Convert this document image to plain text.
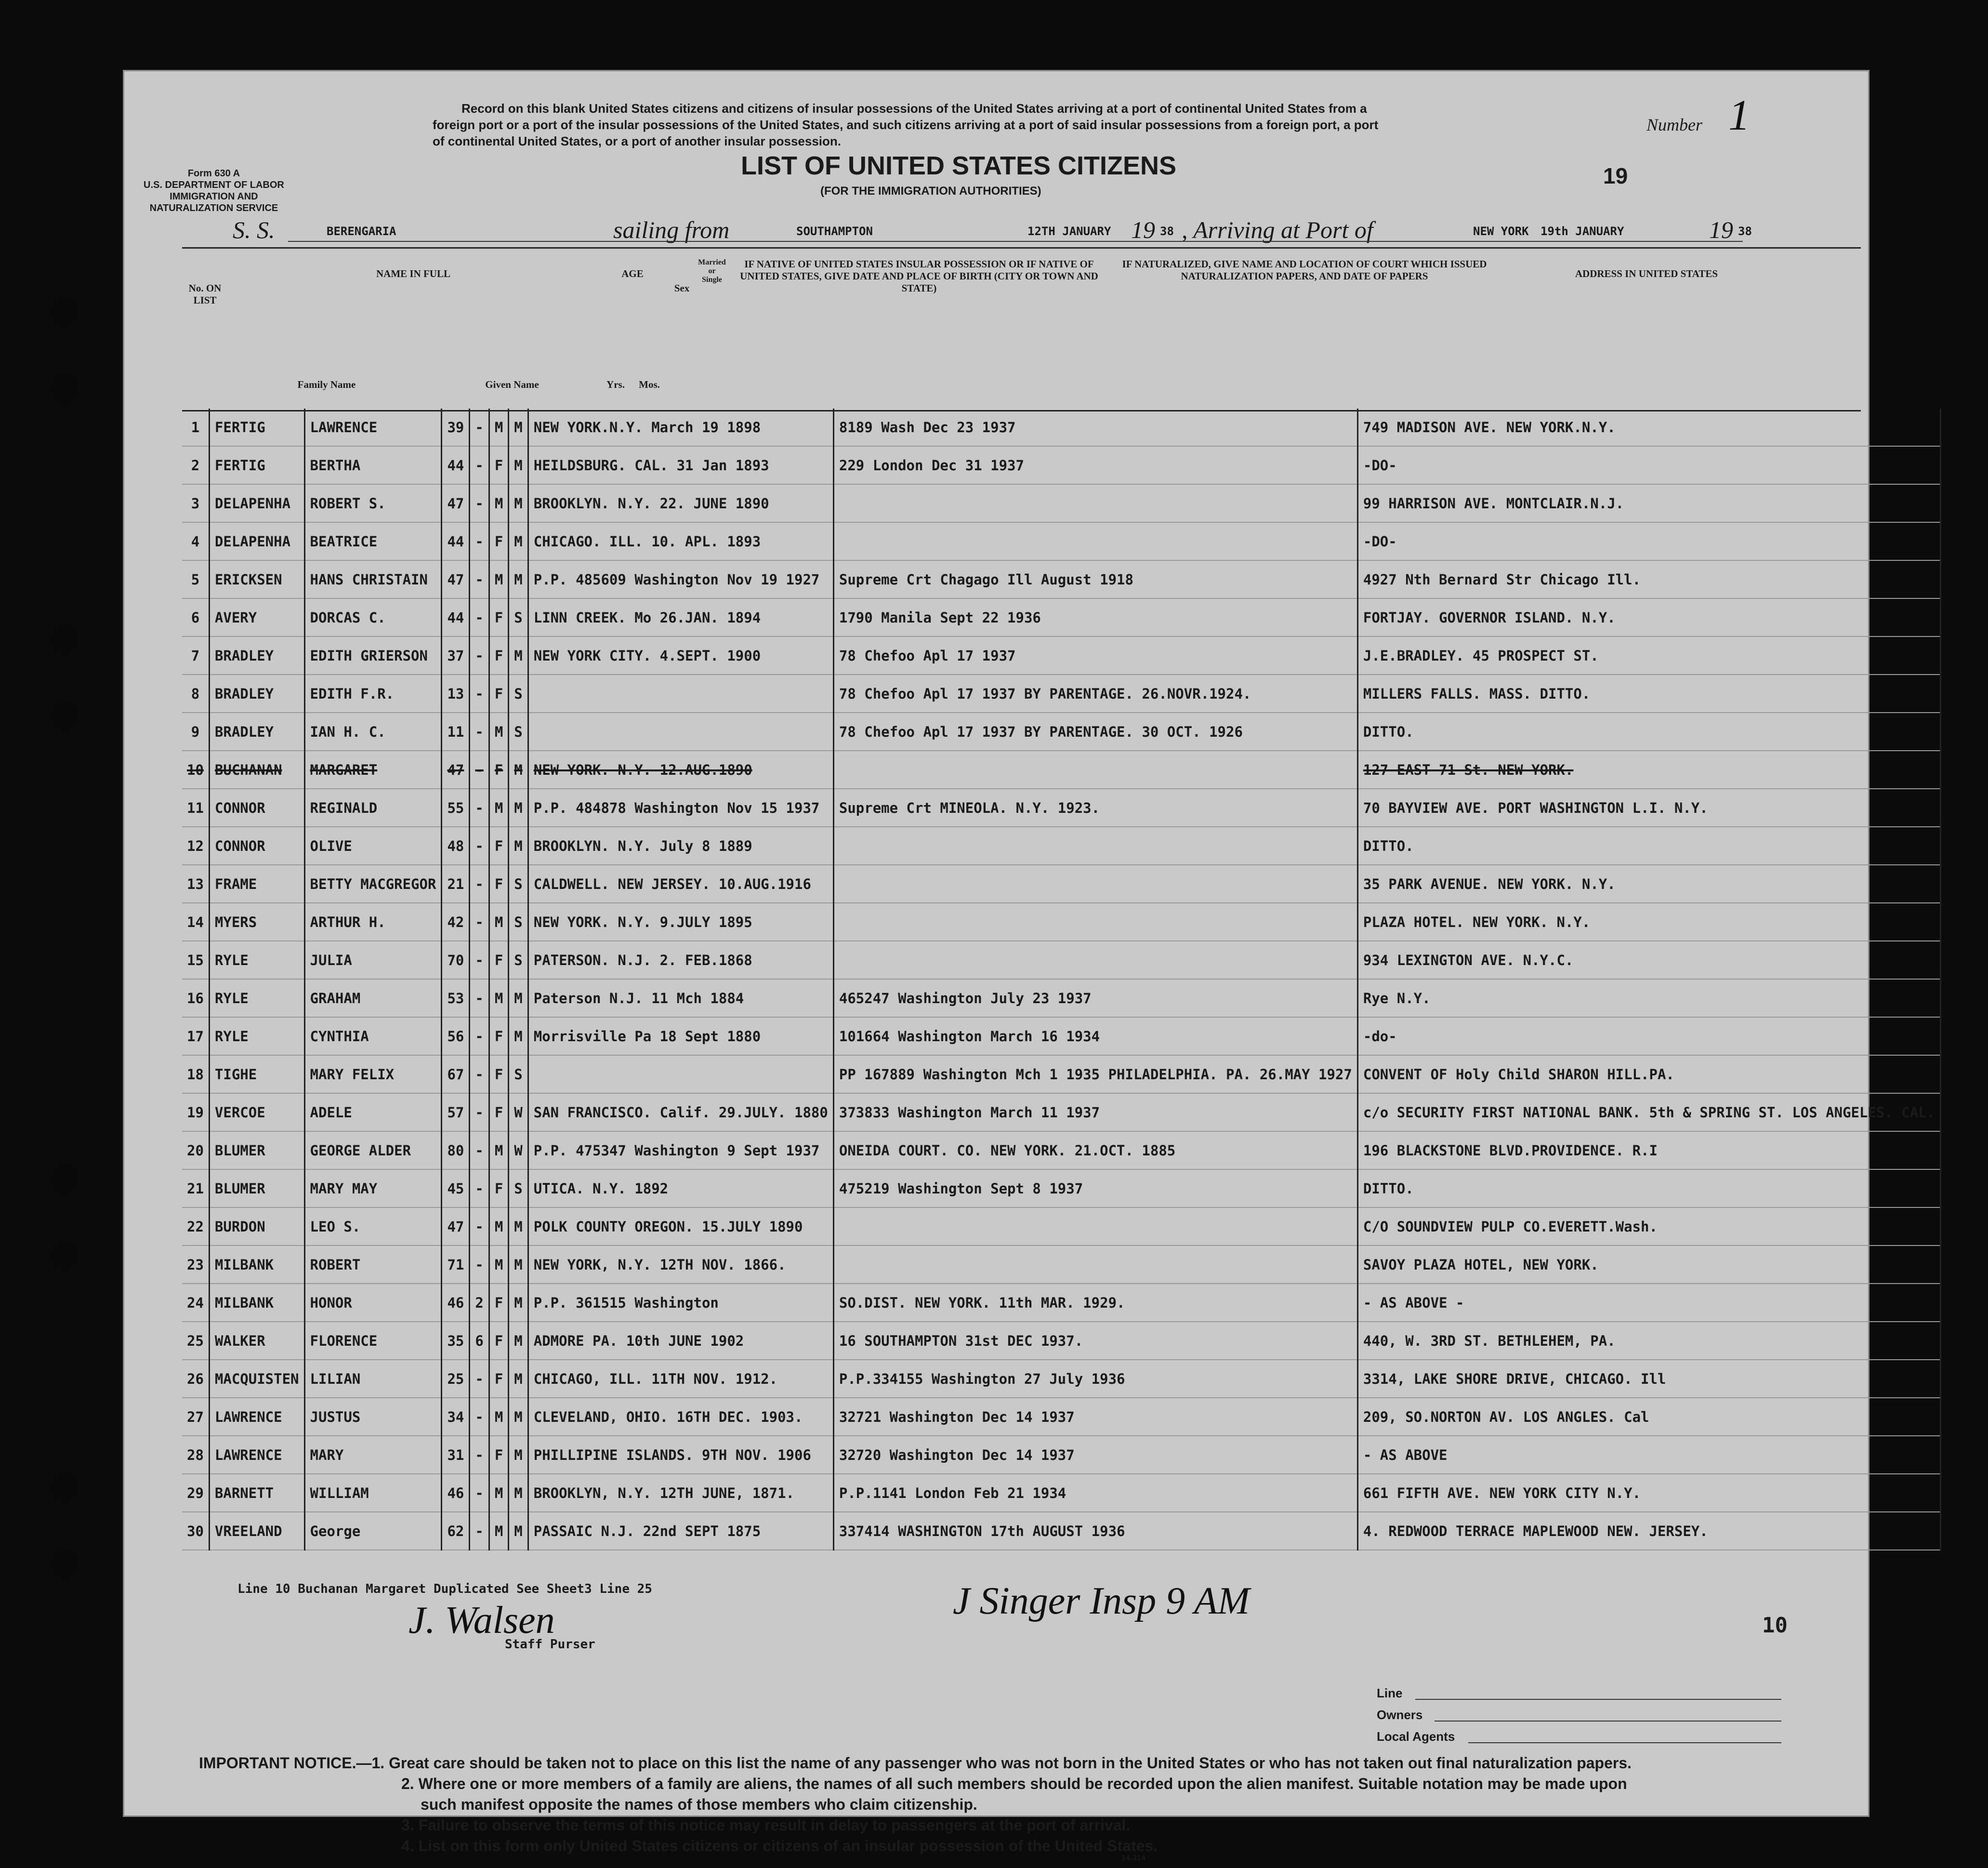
Form 630 A
U.S. DEPARTMENT OF LABOR
IMMIGRATION AND
NATURALIZATION SERVICE
Record on this blank United States citizens and citizens of insular possessions of the United States arriving at a port of continental United States from a
foreign port or a port of the insular possessions of the United States, and such citizens arriving at a port of said insular possessions from a foreign port, a port
of continental United States, or a port of another insular possession.
Number 1
LIST OF UNITED STATES CITIZENS
(FOR THE IMMIGRATION AUTHORITIES)
19
S. S.	BERENGARIA	sailing from	SOUTHAMPTON	12TH JANUARY 19 38 , Arriving at Port of	NEW YORK 19th JANUARY	19 38
No. ON LIST
NAME IN FULL
Family Name	Given Name
AGE
Yrs.	Mos.
Sex
Married or Single
IF NATIVE OF UNITED STATES INSULAR POSSESSION OR IF NATIVE OF UNITED STATES, GIVE DATE AND PLACE OF BIRTH (CITY OR TOWN AND STATE)
IF NATURALIZED, GIVE NAME AND LOCATION OF COURT WHICH ISSUED NATURALIZATION PAPERS, AND DATE OF PAPERS	ADDRESS IN UNITED STATES
1	FERTIG	LAWRENCE	39	-	M	M	NEW YORK.N.Y. March 19 1898	8189 Wash Dec 23 1937	749 MADISON AVE. NEW YORK.N.Y.
2	FERTIG	BERTHA	44	-	F	M	HEILDSBURG. CAL. 31 Jan 1893	229 London Dec 31 1937	-DO-
3	DELAPENHA	ROBERT S.	47	-	M	M	BROOKLYN. N.Y. 22. JUNE 1890		99 HARRISON AVE. MONTCLAIR.N.J.
4	DELAPENHA	BEATRICE	44	-	F	M	CHICAGO. ILL. 10. APL. 1893		-DO-
5	ERICKSEN	HANS CHRISTAIN	47	-	M	M	P.P. 485609 Washington Nov 19 1927	Supreme Crt Chagago Ill August 1918	4927 Nth Bernard Str Chicago Ill.
6	AVERY	DORCAS C.	44	-	F	S	LINN CREEK. Mo 26.JAN. 1894	1790 Manila Sept 22 1936	FORTJAY. GOVERNOR ISLAND. N.Y.
7	BRADLEY	EDITH GRIERSON	37	-	F	M	NEW YORK CITY. 4.SEPT. 1900	78 Chefoo Apl 17 1937	J.E.BRADLEY. 45 PROSPECT ST.
8	BRADLEY	EDITH F.R.	13	-	F	S		78 Chefoo Apl 17 1937 BY PARENTAGE. 26.NOVR.1924.	MILLERS FALLS. MASS. DITTO.
9	BRADLEY	IAN H. C.	11	-	M	S		78 Chefoo Apl 17 1937 BY PARENTAGE. 30 OCT. 1926	DITTO.
10	BUCHANAN	MARGARET	47	-	F	M	NEW YORK. N.Y. 12.AUG.1890		127 EAST 71 St. NEW YORK.
11	CONNOR	REGINALD	55	-	M	M	P.P. 484878 Washington Nov 15 1937	Supreme Crt MINEOLA. N.Y. 1923.	70 BAYVIEW AVE. PORT WASHINGTON L.I. N.Y.
12	CONNOR	OLIVE	48	-	F	M	BROOKLYN. N.Y. July 8 1889		DITTO.
13	FRAME	BETTY MACGREGOR	21	-	F	S	CALDWELL. NEW JERSEY. 10.AUG.1916		35 PARK AVENUE. NEW YORK. N.Y.
14	MYERS	ARTHUR H.	42	-	M	S	NEW YORK. N.Y. 9.JULY 1895		PLAZA HOTEL. NEW YORK. N.Y.
15	RYLE	JULIA	70	-	F	S	PATERSON. N.J. 2. FEB.1868		934 LEXINGTON AVE. N.Y.C.
16	RYLE	GRAHAM	53	-	M	M	Paterson N.J. 11 Mch 1884	465247 Washington July 23 1937	Rye N.Y.
17	RYLE	CYNTHIA	56	-	F	M	Morrisville Pa 18 Sept 1880	101664 Washington March 16 1934	-do-
18	TIGHE	MARY FELIX	67	-	F	S		PP 167889 Washington Mch 1 1935 PHILADELPHIA. PA. 26.MAY 1927	CONVENT OF Holy Child SHARON HILL.PA.
19	VERCOE	ADELE	57	-	F	W	SAN FRANCISCO. Calif. 29.JULY. 1880	373833 Washington March 11 1937	c/o SECURITY FIRST NATIONAL BANK. 5th & SPRING ST. LOS ANGELES. CAL.
20	BLUMER	GEORGE ALDER	80	-	M	W	P.P. 475347 Washington 9 Sept 1937	ONEIDA COURT. CO. NEW YORK. 21.OCT. 1885	196 BLACKSTONE BLVD.PROVIDENCE. R.I
21	BLUMER	MARY MAY	45	-	F	S	UTICA. N.Y. 1892	475219 Washington Sept 8 1937	DITTO.
22	BURDON	LEO S.	47	-	M	M	POLK COUNTY OREGON. 15.JULY 1890		C/O SOUNDVIEW PULP CO.EVERETT.Wash.
23	MILBANK	ROBERT	71	-	M	M	NEW YORK, N.Y. 12TH NOV. 1866.		SAVOY PLAZA HOTEL, NEW YORK.
24	MILBANK	HONOR	46	2	F	M	P.P. 361515 Washington	SO.DIST. NEW YORK. 11th MAR. 1929.	- AS ABOVE -
25	WALKER	FLORENCE	35	6	F	M	ADMORE PA. 10th JUNE 1902	16 SOUTHAMPTON 31st DEC 1937.	440, W. 3RD ST. BETHLEHEM, PA.
26	MACQUISTEN	LILIAN	25	-	F	M	CHICAGO, ILL. 11TH NOV. 1912.	P.P.334155 Washington 27 July 1936	3314, LAKE SHORE DRIVE, CHICAGO. Ill
27	LAWRENCE	JUSTUS	34	-	M	M	CLEVELAND, OHIO. 16TH DEC. 1903.	32721 Washington Dec 14 1937	209, SO.NORTON AV. LOS ANGLES. Cal
28	LAWRENCE	MARY	31	-	F	M	PHILLIPINE ISLANDS. 9TH NOV. 1906	32720 Washington Dec 14 1937	- AS ABOVE
29	BARNETT	WILLIAM	46	-	M	M	BROOKLYN, N.Y. 12TH JUNE, 1871.	P.P.1141 London Feb 21 1934	661 FIFTH AVE. NEW YORK CITY N.Y.
30	VREELAND	George	62	-	M	M	PASSAIC N.J. 22nd SEPT 1875	337414 WASHINGTON 17th AUGUST 1936	4. REDWOOD TERRACE MAPLEWOOD NEW. JERSEY.
Line 10 Buchanan Margaret Duplicated See Sheet3 Line 25
J. Walsen
Staff Purser
J Singer Insp 9 AM
10
Line
Owners
Local Agents
IMPORTANT NOTICE.—1. Great care should be taken not to place on this list the name of any passenger who was not born in the United States or who has not taken out final naturalization papers.
2. Where one or more members of a family are aliens, the names of all such members should be recorded upon the alien manifest. Suitable notation may be made upon
such manifest opposite the names of those members who claim citizenship.
3. Failure to observe the terms of this notice may result in delay to passengers at the port of arrival.
4. List on this form only United States citizens or citizens of an insular possession of the United States.
14-314
